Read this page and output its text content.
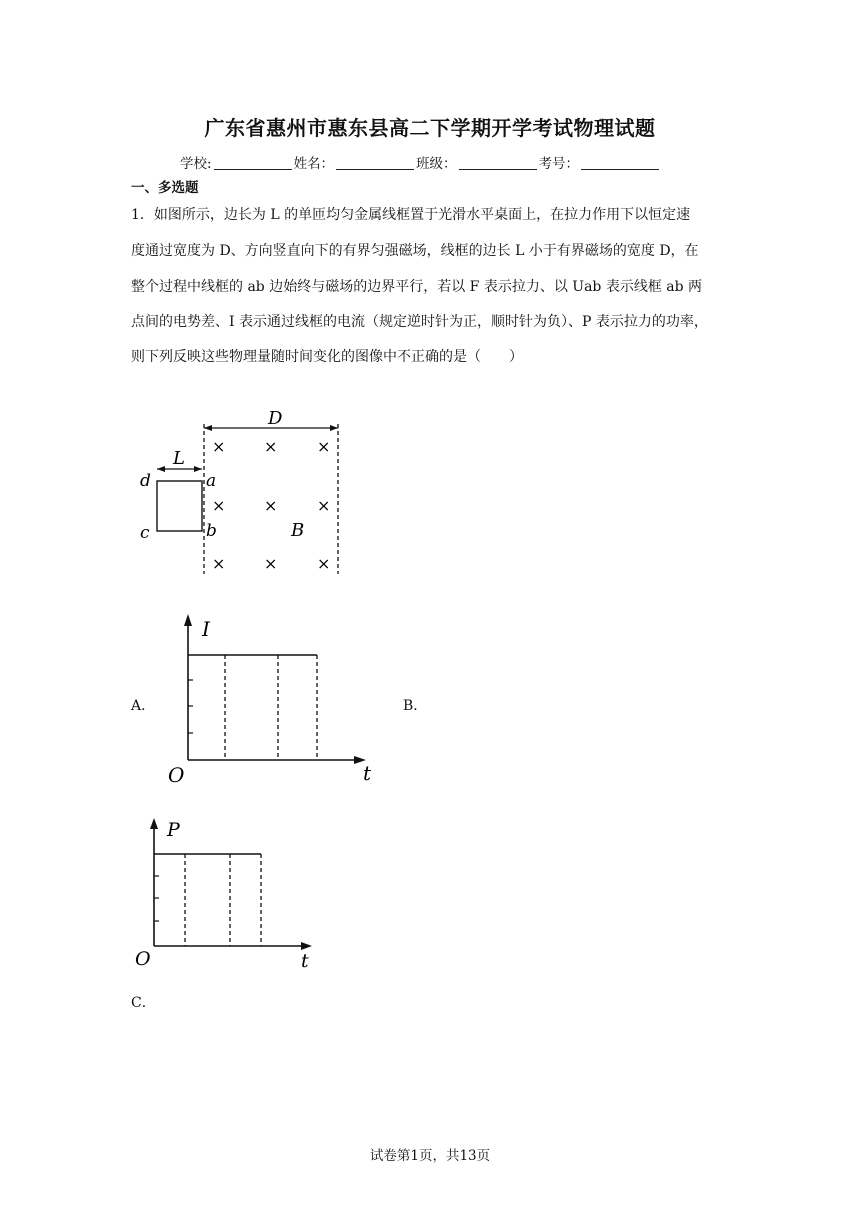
广东省惠州市惠东县高二下学期开学考试物理试题
学校:	姓名：	班级：	考号：
一、多选题
1．如图所示，边长为 L 的单匝均匀金属线框置于光滑水平桌面上，在拉力作用下以恒定速
度通过宽度为 D、方向竖直向下的有界匀强磁场，线框的边长 L 小于有界磁场的宽度 D，在
整个过程中线框的 ab 边始终与磁场的边界平行，若以 F 表示拉力、以 Uab 表示线框 ab 两
点间的电势差、I 表示通过线框的电流（规定逆时针为正，顺时针为负）、P 表示拉力的功率，
则下列反映这些物理量随时间变化的图像中不正确的是（　　）
D
× × ×
× × ×
× × ×
L
d	a
c	b	B
I
O	t
A．	B．
P
O	t
C．
试卷第1页，共13页
